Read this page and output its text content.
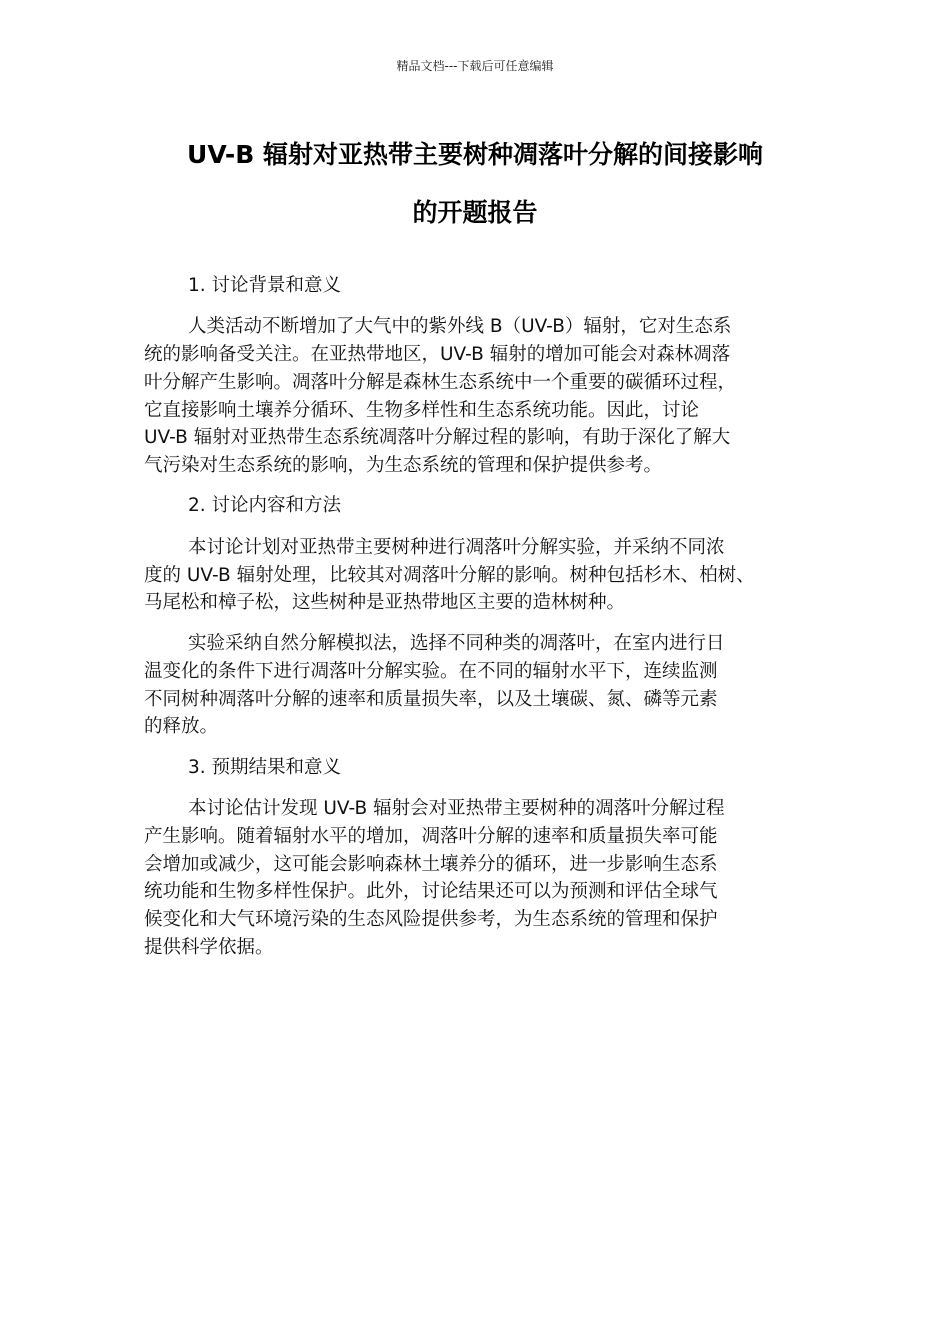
精品文档---下载后可任意编辑
UV-B 辐射对亚热带主要树种凋落叶分解的间接影响
的开题报告
1. 讨论背景和意义
人类活动不断增加了大气中的紫外线 B（UV-B）辐射，它对生态系
统的影响备受关注。在亚热带地区，UV-B 辐射的增加可能会对森林凋落
叶分解产生影响。凋落叶分解是森林生态系统中一个重要的碳循环过程，
它直接影响土壤养分循环、生物多样性和生态系统功能。因此，讨论
UV-B 辐射对亚热带生态系统凋落叶分解过程的影响，有助于深化了解大
气污染对生态系统的影响，为生态系统的管理和保护提供参考。
2. 讨论内容和方法
本讨论计划对亚热带主要树种进行凋落叶分解实验，并采纳不同浓
度的 UV-B 辐射处理，比较其对凋落叶分解的影响。树种包括杉木、柏树、
马尾松和樟子松，这些树种是亚热带地区主要的造林树种。
实验采纳自然分解模拟法，选择不同种类的凋落叶，在室内进行日
温变化的条件下进行凋落叶分解实验。在不同的辐射水平下，连续监测
不同树种凋落叶分解的速率和质量损失率，以及土壤碳、氮、磷等元素
的释放。
3. 预期结果和意义
本讨论估计发现 UV-B 辐射会对亚热带主要树种的凋落叶分解过程
产生影响。随着辐射水平的增加，凋落叶分解的速率和质量损失率可能
会增加或减少，这可能会影响森林土壤养分的循环，进一步影响生态系
统功能和生物多样性保护。此外，讨论结果还可以为预测和评估全球气
候变化和大气环境污染的生态风险提供参考，为生态系统的管理和保护
提供科学依据。
